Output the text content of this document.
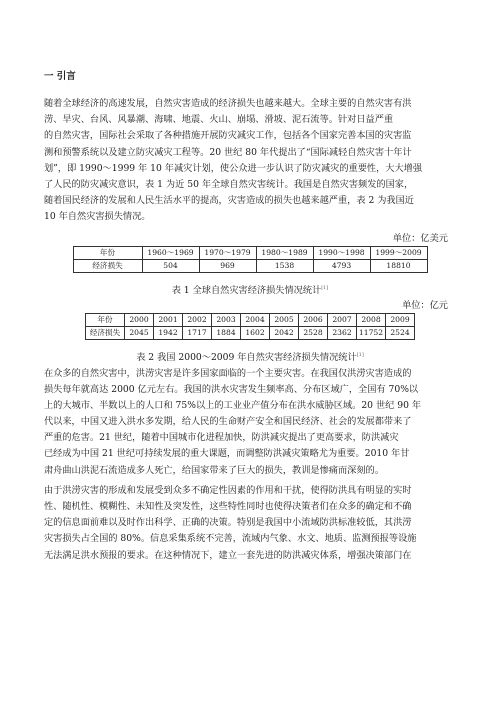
一 引言

随着全球经济的高速发展，自然灾害造成的经济损失也越来越大。全球主要的自然灾害有洪

涝、旱灾、台风、风暴潮、海啸、地震、火山、崩塌、滑坡、泥石流等。针对日益严重

的自然灾害，国际社会采取了各种措施开展防灾减灾工作，包括各个国家完善本国的灾害监

测和预警系统以及建立防灾减灾工程等。20 世纪 80 年代提出了“国际减轻自然灾害十年计

划”，即 1990～1999 年 10 年减灾计划，使公众进一步认识了防灾减灾的重要性，大大增强

了人民的防灾减灾意识，表 1 为近 50 年全球自然灾害统计。我国是自然灾害频发的国家，

随着国民经济的发展和人民生活水平的提高，灾害造成的损失也越来越严重，表 2 为我国近

10 年自然灾害损失情况。

单位：亿美元
年份	1960～1969	1970～1979	1980～1989	1990～1998	1999～2009
经济损失	504	969	1538	4793	18810
表 1 全球自然灾害经济损失情况统计[1]
单位：亿元
年份	2000	2001	2002	2003	2004	2005	2006	2007	2008	2009
经济损失	2045	1942	1717	1884	1602	2042	2528	2362	11752	2524
表 2 我国 2000～2009 年自然灾害经济损失情况统计[1]

在众多的自然灾害中，洪涝灾害是许多国家面临的一个主要灾害。在我国仅洪涝灾害造成的

损失每年就高达 2000 亿元左右。我国的洪水灾害发生频率高、分布区域广，全国有 70%以

上的大城市、半数以上的人口和 75%以上的工业业产值分布在洪水威胁区域。20 世纪 90 年

代以来，中国又进入洪水多发期，给人民的生命财产安全和国民经济、社会的发展都带来了

严重的危害。21 世纪，随着中国城市化进程加快，防洪减灾提出了更高要求，防洪减灾

已经成为中国 21 世纪可持续发展的重大课题，而调整防洪减灾策略尤为重要。2010 年甘

肃舟曲山洪泥石流造成多人死亡，给国家带来了巨大的损失，教训是惨痛而深刻的。

由于洪涝灾害的形成和发展受到众多不确定性因素的作用和干扰，使得防洪具有明显的实时

性、随机性、模糊性、未知性及突发性，这些特性同时也使得决策者们在众多的确定和不确

定的信息面前难以及时作出科学、正确的决策。特别是我国中小流域防洪标准较低，其洪涝

灾害损失占全国的 80%。信息采集系统不完善，流域内气象、水文、地质、监测预报等设施

无法满足洪水预报的要求。在这种情况下，建立一套先进的防洪减灾体系，增强决策部门在
